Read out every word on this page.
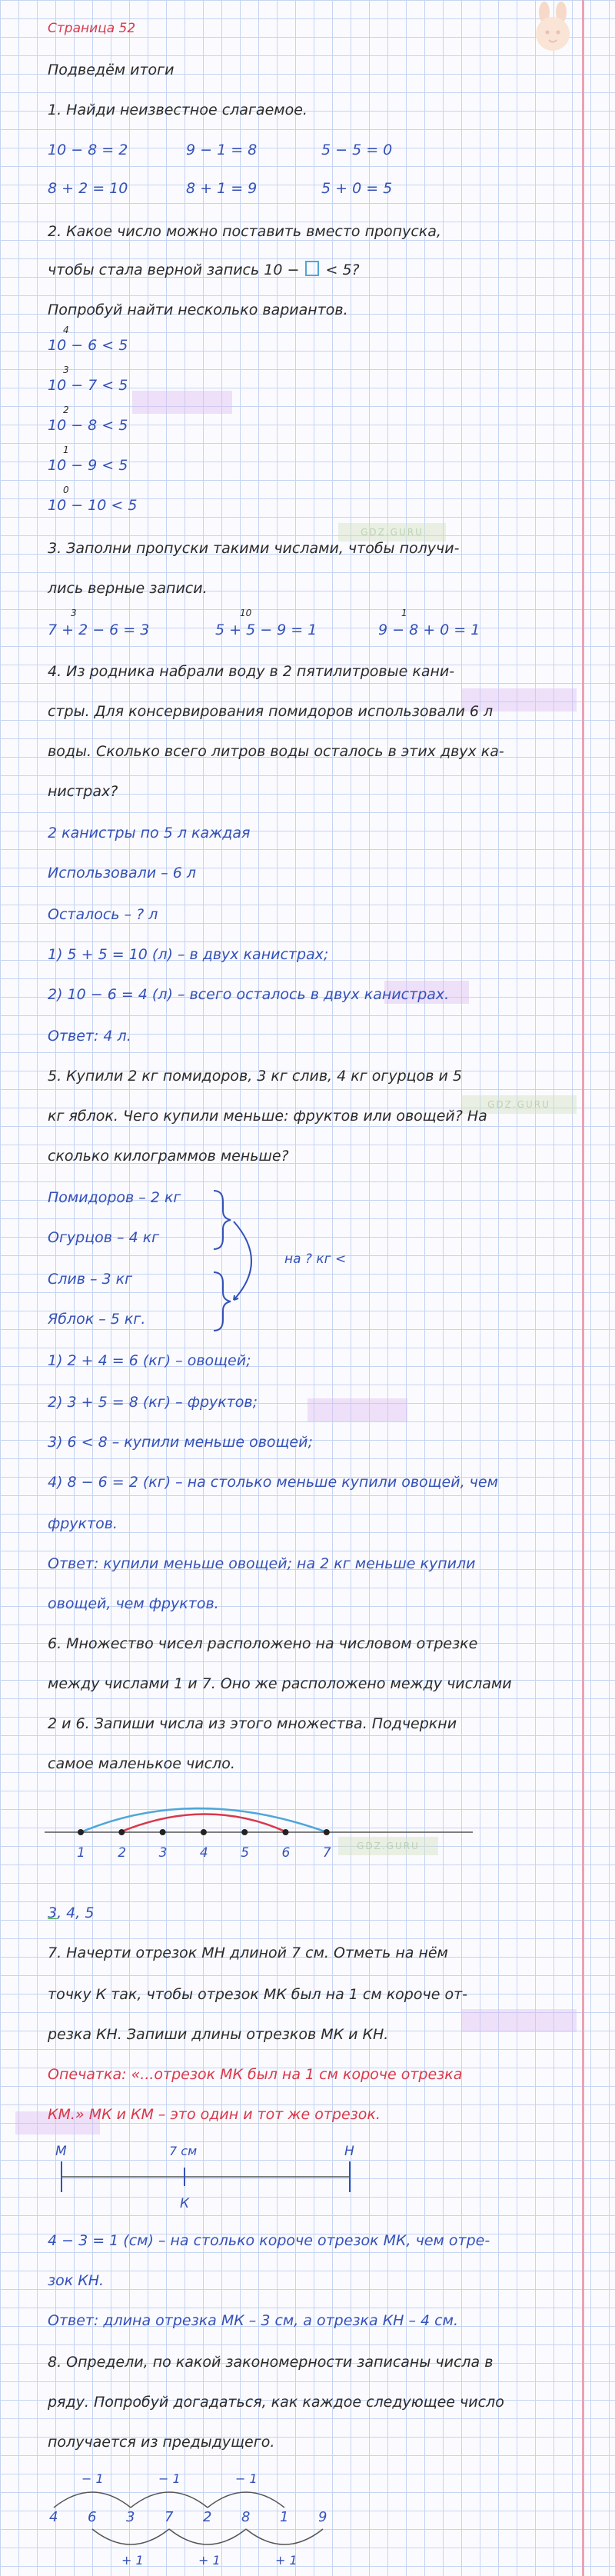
GDZ.GURU
GDZ.GURU
GDZ.GURU
Страница 52
Подведём итоги
1. Найди неизвестное слагаемое.
10 − 8 = 2	9 − 1 = 8	5 − 5 = 0
8 + 2 = 10	8 + 1 = 9	5 + 0 = 5
2. Какое число можно поставить вместо пропуска,
чтобы стала верной запись 10 − < 5?
Попробуй найти несколько вариантов.
4
10 − 6 < 5
3
10 − 7 < 5
2
10 − 8 < 5
1
10 − 9 < 5
0
10 − 10 < 5
3. Заполни пропуски такими числами, чтобы получи-
лись верные записи.
3	10	1
7 + 2 − 6 = 3	5 + 5 − 9 = 1	9 − 8 + 0 = 1
4. Из родника набрали воду в 2 пятилитровые кани-
стры. Для консервирования помидоров использовали 6 л
воды. Сколько всего литров воды осталось в этих двух ка-
нистрах?
2 канистры по 5 л каждая
Использовали – 6 л
Осталось – ? л
1) 5 + 5 = 10 (л) – в двух канистрах;
2) 10 − 6 = 4 (л) – всего осталось в двух канистрах.
Ответ: 4 л.
5. Купили 2 кг помидоров, 3 кг слив, 4 кг огурцов и 5
кг яблок. Чего купили меньше: фруктов или овощей? На
сколько килограммов меньше?
Помидоров – 2 кг
Огурцов – 4 кг
Слив – 3 кг
Яблок – 5 кг.
на ? кг <
1) 2 + 4 = 6 (кг) – овощей;
2) 3 + 5 = 8 (кг) – фруктов;
3) 6 < 8 – купили меньше овощей;
4) 8 − 6 = 2 (кг) – на столько меньше купили овощей, чем
фруктов.
Ответ: купили меньше овощей; на 2 кг меньше купили
овощей, чем фруктов.
6. Множество чисел расположено на числовом отрезке
между числами 1 и 7. Оно же расположено между числами
2 и 6. Запиши числа из этого множества. Подчеркни
самое маленькое число.
1 2 3 4 5 6 7
3, 4, 5
7. Начерти отрезок МН длиной 7 см. Отметь на нём
точку К так, чтобы отрезок МК был на 1 см короче от-
резка КН. Запиши длины отрезков МК и КН.
Опечатка: «...отрезок МК был на 1 см короче отрезка
КМ.» МК и КМ – это один и тот же отрезок.
М	Н
7 см
К
4 − 3 = 1 (см) – на столько короче отрезок МК, чем отре-
зок КН.
Ответ: длина отрезка МК – 3 см, а отрезка КН – 4 см.
8. Определи, по какой закономерности записаны числа в
ряду. Попробуй догадаться, как каждое следующее число
получается из предыдущего.
− 1	− 1	− 1
+ 1	+ 1	+ 1
4 6 3 7 2 8 1 9
